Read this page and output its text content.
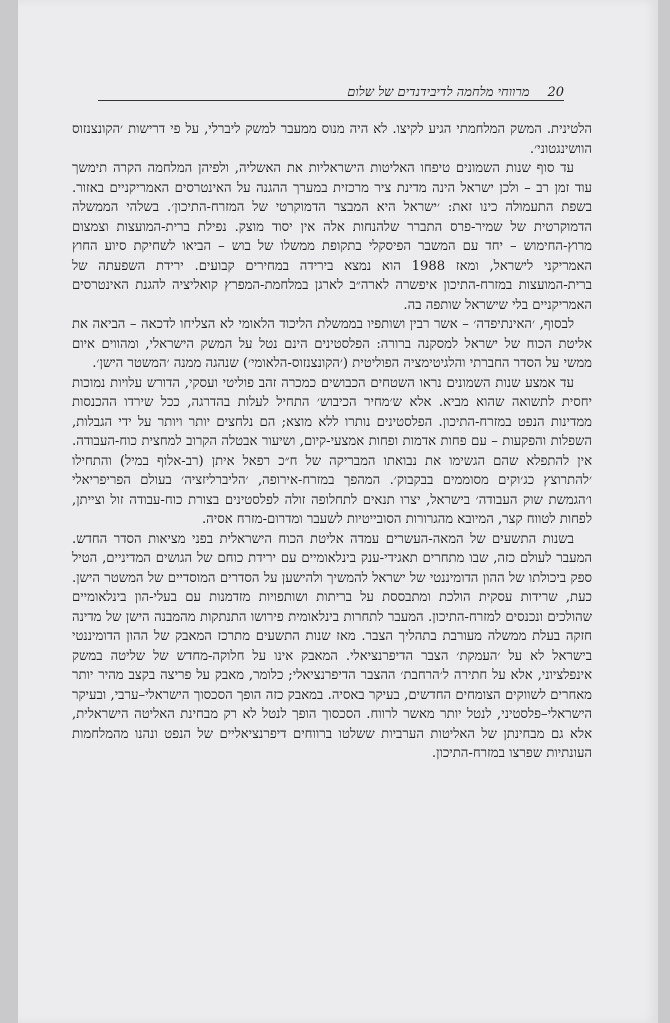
20
מרווחי מלחמה לדיבידנדים של שלום

הלטינית. המשק המלחמתי הגיע לקיצו. לא היה מנוס ממעבר למשק ליברלי, על פי דרישות ׳הקונצנזוס הוושינגטוני׳.

עד סוף שנות השמונים טיפחו האליטות הישראליות את האשליה, ולפיהן המלחמה הקרה תימשך עוד זמן רב – ולכן ישראל הינה מדינת ציר מרכזית במערך ההגנה על האינטרסים האמריקניים באזור. בשפת התעמולה כינו זאת: ׳ישראל היא המבצר הדמוקרטי של המזרח-התיכון׳. בשלהי הממשלה הדמוקרטית של שמיר-פרס התברר שלהנחות אלה אין יסוד מוצק. נפילת ברית-המועצות וצמצום מרוץ-החימוש – יחד עם המשבר הפיסקלי בתקופת ממשלו של בוש – הביאו לשחיקת סיוע החוץ האמריקני לישראל, ומאז 1988 הוא נמצא בירידה במחירים קבועים. ירידת השפעתה של ברית-המועצות במזרח-התיכון איפשרה לארה״ב לארגן במלחמת-המפרץ קואליציה להגנת האינטרסים האמריקניים בלי שישראל שותפה בה.

לבסוף, ׳האינתיפדה׳ – אשר רבין ושותפיו בממשלת הליכוד הלאומי לא הצליחו לדכאה – הביאה את אליטת הכוח של ישראל למסקנה ברורה: הפלסטינים הינם נטל על המשק הישראלי, ומהווים איום ממשי על הסדר החברתי והלגיטימציה הפוליטית (׳הקונצנזוס-הלאומי׳) שנהגה ממנה ׳המשטר הישן׳.

עד אמצע שנות השמונים נראו השטחים הכבושים כמכרה זהב פוליטי ועסקי, הדורש עלויות נמוכות יחסית לתשואה שהוא מביא. אלא ש׳מחיר הכיבוש׳ התחיל לעלות בהדרגה, ככל שירדו ההכנסות ממדינות הנפט במזרח-התיכון. הפלסטינים נותרו ללא מוצא; הם נלחצים יותר ויותר על ידי הגבלות, השפלות והפקעות – עם פחות אדמות ופחות אמצעי-קיום, ושיעור אבטלה הקרוב למחצית כוח-העבודה. אין להתפלא שהם הגשימו את נבואתו המבריקה של ח״כ רפאל איתן (רב-אלוף במיל) והתחילו ׳להתרוצץ כג׳וקים מסוממים בבקבוק׳. המהפך במזרח-אירופה, ׳הליברליזציה׳ בעולם הפריפריאלי ו׳הגמשת שוק העבודה׳ בישראל, יצרו תנאים לתחלופה זולה לפלסטינים בצורת כוח-עבודה זול וצייתן, לפחות לטווח קצר, המיובא מהגרורות הסובייטיות לשעבר ומדרום-מזרח אסיה.

בשנות התשעים של המאה-העשרים עמדה אליטת הכוח הישראלית בפני מציאות הסדר החדש. המעבר לעולם כזה, שבו מתחרים תאגידי-ענק בינלאומיים עם ירידת כוחם של הגושים המדיניים, הטיל ספק ביכולתו של ההון הדומיננטי של ישראל להמשיך ולהישען על הסדרים המוסדיים של המשטר הישן. כעת, שרידות עסקית הולכת ומתבססת על בריתות ושותפויות מזדמנות עם בעלי-הון בינלאומיים שהולכים ונכנסים למזרח-התיכון. המעבר לתחרות בינלאומית פירושו התנתקות מהמבנה הישן של מדינה חזקה בעלת ממשלה מעורבת בתהליך הצבר. מאז שנות התשעים מתרכז המאבק של ההון הדומיננטי בישראל לא על ׳העמקת׳ הצבר הדיפרנציאלי. המאבק אינו על חלוקה-מחדש של שליטה במשק אינפלציוני, אלא על חתירה ל׳הרחבת׳ ההצבר הדיפרנציאלי; כלומר, מאבק על פריצה בקצב מהיר יותר מאחרים לשווקים הצומחים החדשים, בעיקר באסיה. במאבק כזה הופך הסכסוך הישראלי–ערבי, ובעיקר הישראלי–פלסטיני, לנטל יותר מאשר לרווח. הסכסוך הופך לנטל לא רק מבחינת האליטה הישראלית, אלא גם מבחינתן של האליטות הערביות ששלטו ברווחים דיפרנציאליים של הנפט ונהנו מהמלחמות העונתיות שפרצו במזרח-התיכון.
